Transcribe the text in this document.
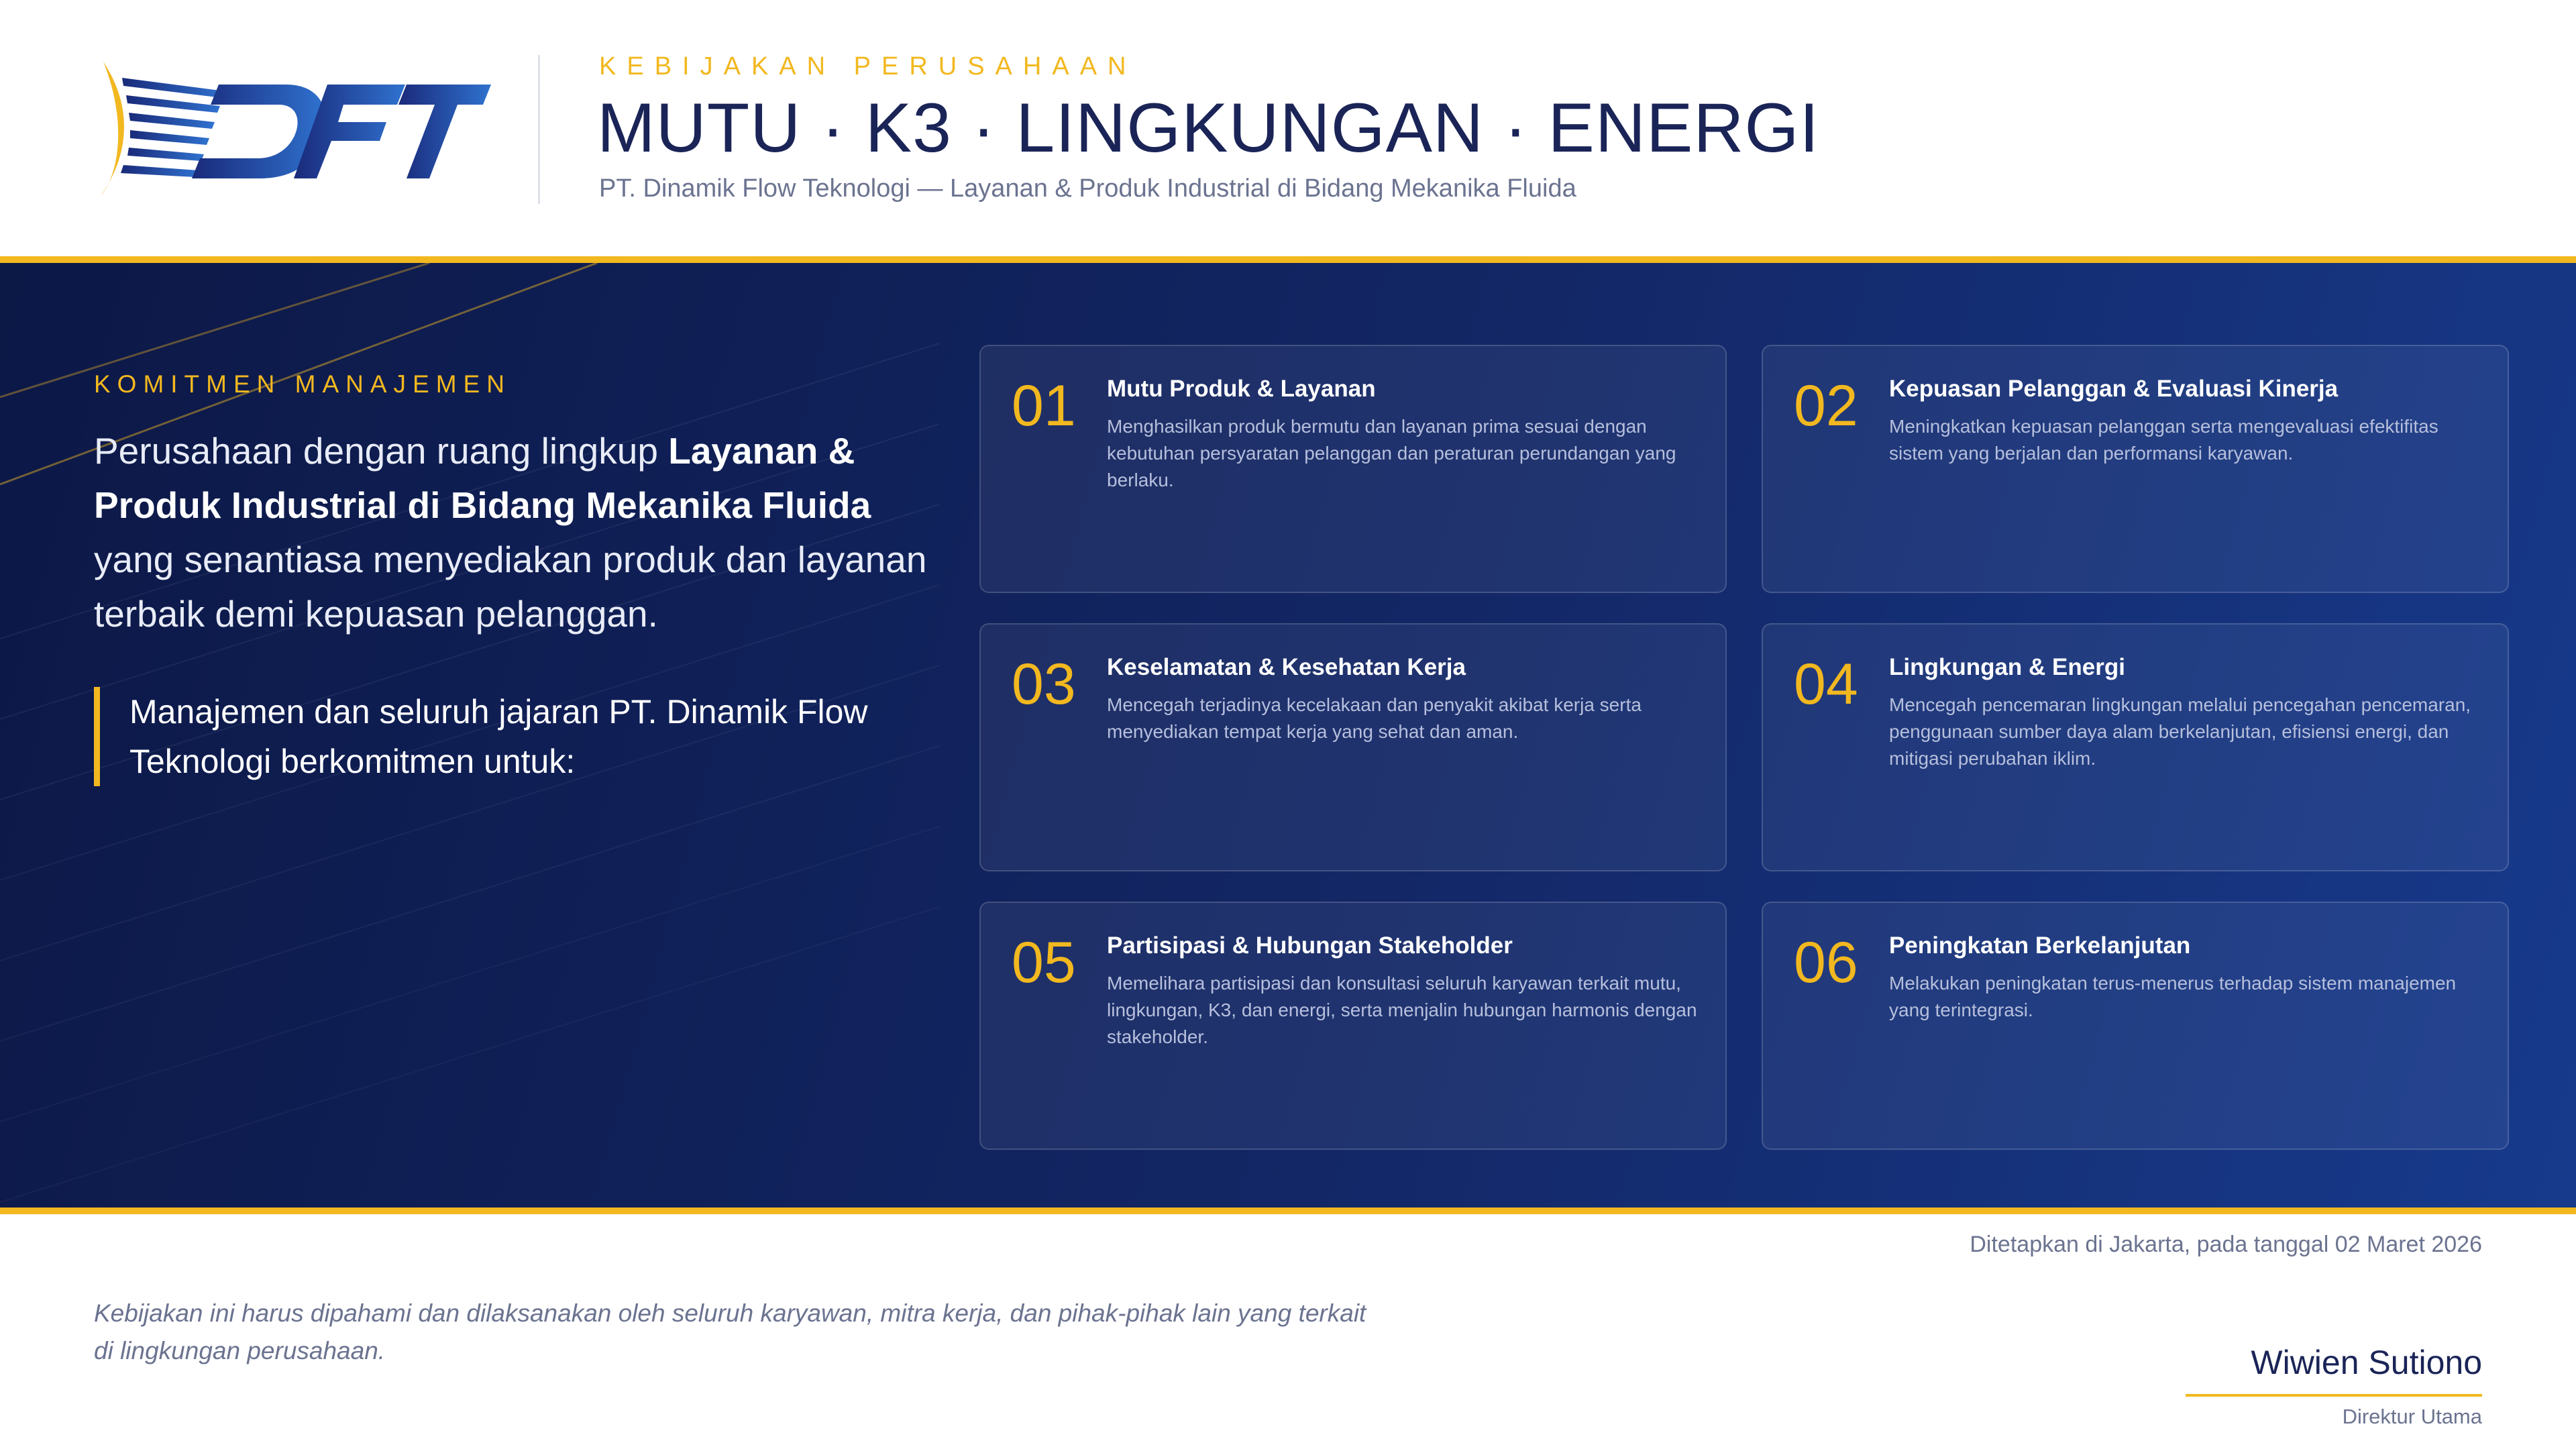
KEBIJAKAN PERUSAHAAN
MUTU · K3 · LINGKUNGAN · ENERGI
PT. Dinamik Flow Teknologi — Layanan & Produk Industrial di Bidang Mekanika Fluida
KOMITMEN MANAJEMEN
Perusahaan dengan ruang lingkup Layanan & Produk Industrial di Bidang Mekanika Fluida yang senantiasa menyediakan produk dan layanan terbaik demi kepuasan pelanggan.
Manajemen dan seluruh jajaran PT. Dinamik Flow Teknologi berkomitmen untuk:
01 Mutu Produk & Layanan
Menghasilkan produk bermutu dan layanan prima sesuai dengan kebutuhan persyaratan pelanggan dan peraturan perundangan yang berlaku.
02 Kepuasan Pelanggan & Evaluasi Kinerja
Meningkatkan kepuasan pelanggan serta mengevaluasi efektifitas sistem yang berjalan dan performansi karyawan.
03 Keselamatan & Kesehatan Kerja
Mencegah terjadinya kecelakaan dan penyakit akibat kerja serta menyediakan tempat kerja yang sehat dan aman.
04 Lingkungan & Energi
Mencegah pencemaran lingkungan melalui pencegahan pencemaran, penggunaan sumber daya alam berkelanjutan, efisiensi energi, dan mitigasi perubahan iklim.
05 Partisipasi & Hubungan Stakeholder
Memelihara partisipasi dan konsultasi seluruh karyawan terkait mutu, lingkungan, K3, dan energi, serta menjalin hubungan harmonis dengan stakeholder.
06 Peningkatan Berkelanjutan
Melakukan peningkatan terus-menerus terhadap sistem manajemen yang terintegrasi.
Ditetapkan di Jakarta, pada tanggal 02 Maret 2026
Kebijakan ini harus dipahami dan dilaksanakan oleh seluruh karyawan, mitra kerja, dan pihak-pihak lain yang terkait di lingkungan perusahaan.	Wiwien Sutiono
Direktur Utama
